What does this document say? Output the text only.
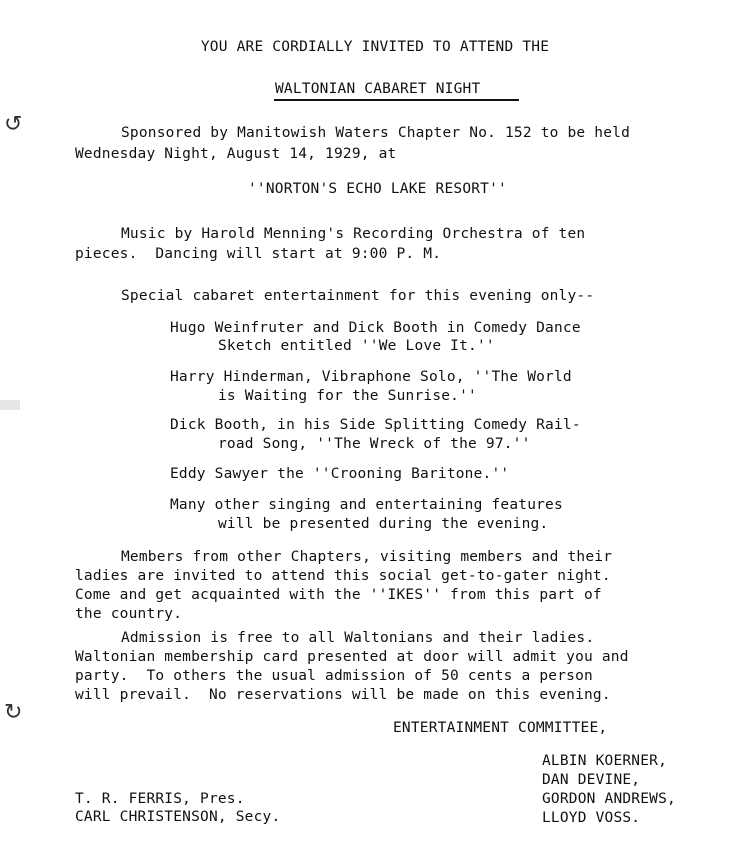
↺
↻
YOU ARE CORDIALLY INVITED TO ATTEND THE
WALTONIAN CABARET NIGHT
Sponsored by Manitowish Waters Chapter No. 152 to be held
Wednesday Night, August 14, 1929, at
''NORTON'S ECHO LAKE RESORT''
Music by Harold Menning's Recording Orchestra of ten
pieces.  Dancing will start at 9:00 P. M.
Special cabaret entertainment for this evening only--
Hugo Weinfruter and Dick Booth in Comedy Dance
Sketch entitled ''We Love It.''
Harry Hinderman, Vibraphone Solo, ''The World
is Waiting for the Sunrise.''
Dick Booth, in his Side Splitting Comedy Rail-
road Song, ''The Wreck of the 97.''
Eddy Sawyer the ''Crooning Baritone.''
Many other singing and entertaining features
will be presented during the evening.
Members from other Chapters, visiting members and their
ladies are invited to attend this social get-to-gater night.
Come and get acquainted with the ''IKES'' from this part of
the country.
Admission is free to all Waltonians and their ladies.
Waltonian membership card presented at door will admit you and
party.  To others the usual admission of 50 cents a person
will prevail.  No reservations will be made on this evening.
ENTERTAINMENT COMMITTEE,
ALBIN KOERNER,
DAN DEVINE,
GORDON ANDREWS,
LLOYD VOSS.
T. R. FERRIS, Pres.
CARL CHRISTENSON, Secy.
